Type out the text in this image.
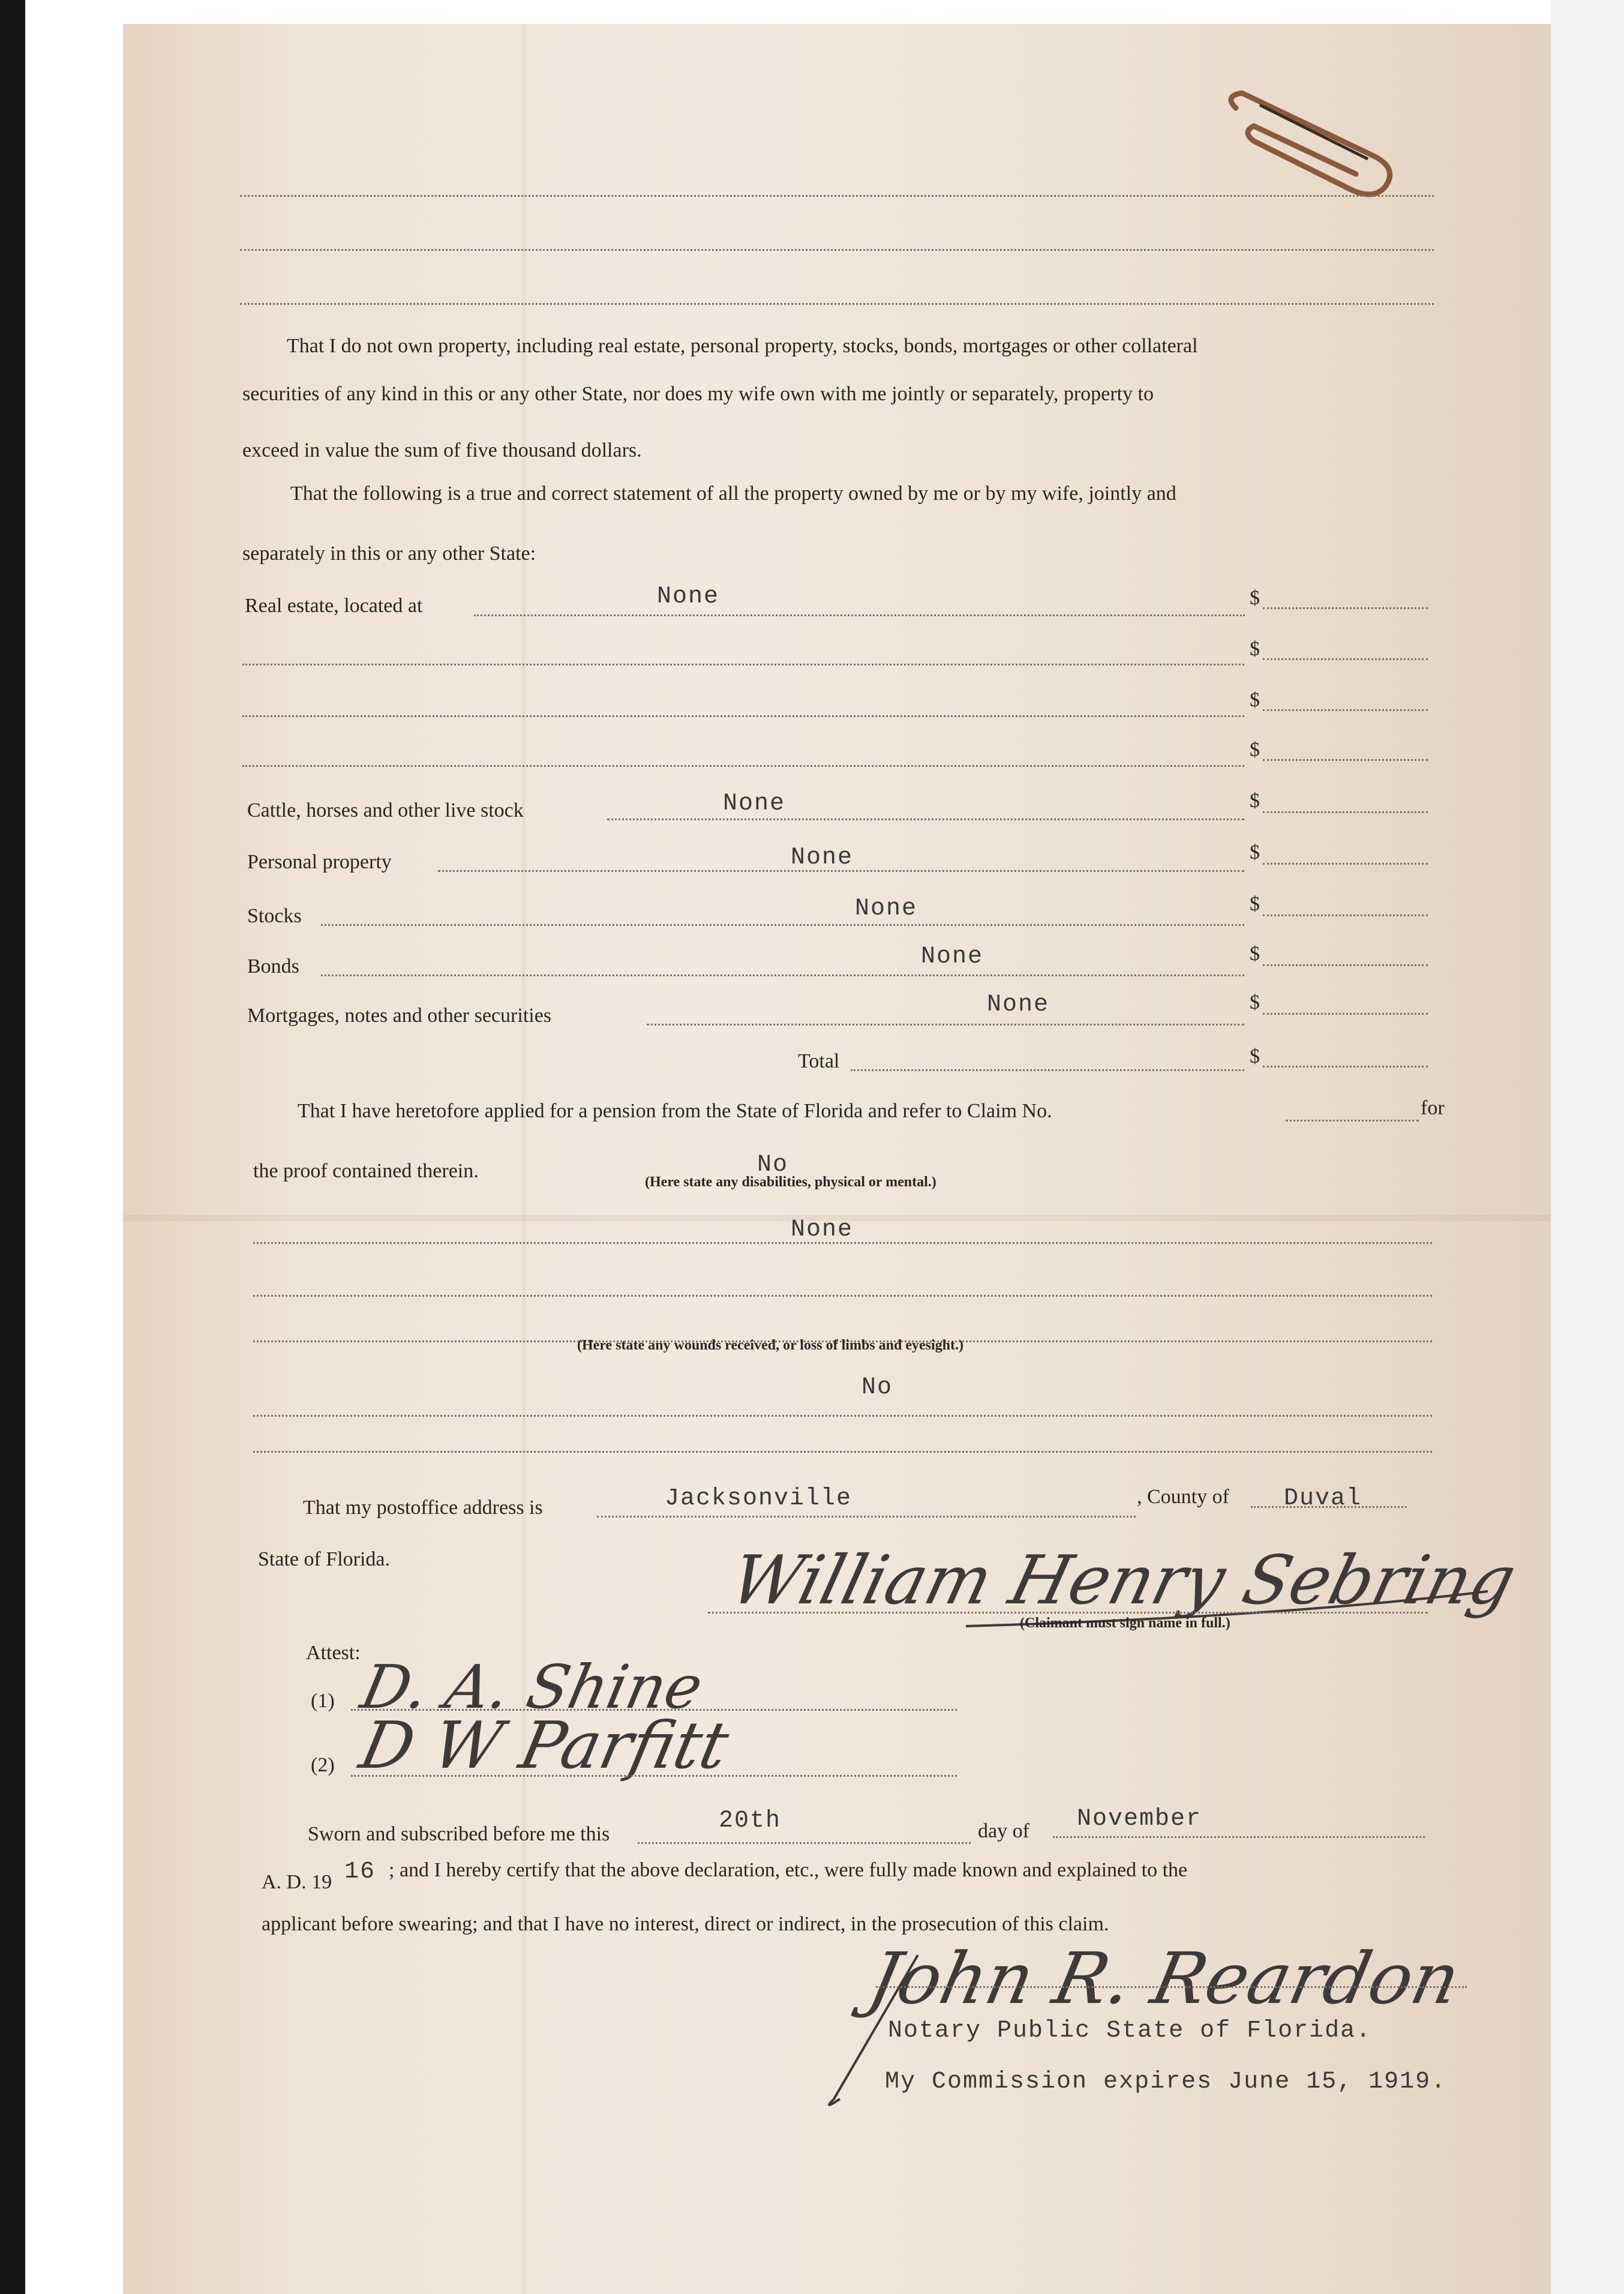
That I do not own property, including real estate, personal property, stocks, bonds, mortgages or other collateral
securities of any kind in this or any other State, nor does my wife own with me jointly or separately, property to
exceed in value the sum of five thousand dollars.
That the following is a true and correct statement of all the property owned by me or by my wife, jointly and
separately in this or any other State:
Real estate, located at	None	$
$
$
$
Cattle, horses and other live stock	None	$
Personal property	None	$
Stocks	None	$
Bonds	None	$
Mortgages, notes and other securities	None	$
Total	$
That I have heretofore applied for a pension from the State of Florida and refer to Claim No.	for
the proof contained therein.	No
(Here state any disabilities, physical or mental.)
None
(Here state any wounds received, or loss of limbs and eyesight.)
No
That my postoffice address is	Jacksonville	, County of Duval
State of Florida.	William Henry Sebring
(Claimant must sign name in full.)
Attest:
(1) D. A. Shine
(2) D W Parfitt
Sworn and subscribed before me this	20th	day of November
A. D. 19 16 ; and I hereby certify that the above declaration, etc., were fully made known and explained to the
applicant before swearing; and that I have no interest, direct or indirect, in the prosecution of this claim.
John R. Reardon
Notary Public State of Florida.
My Commission expires June 15, 1919.
